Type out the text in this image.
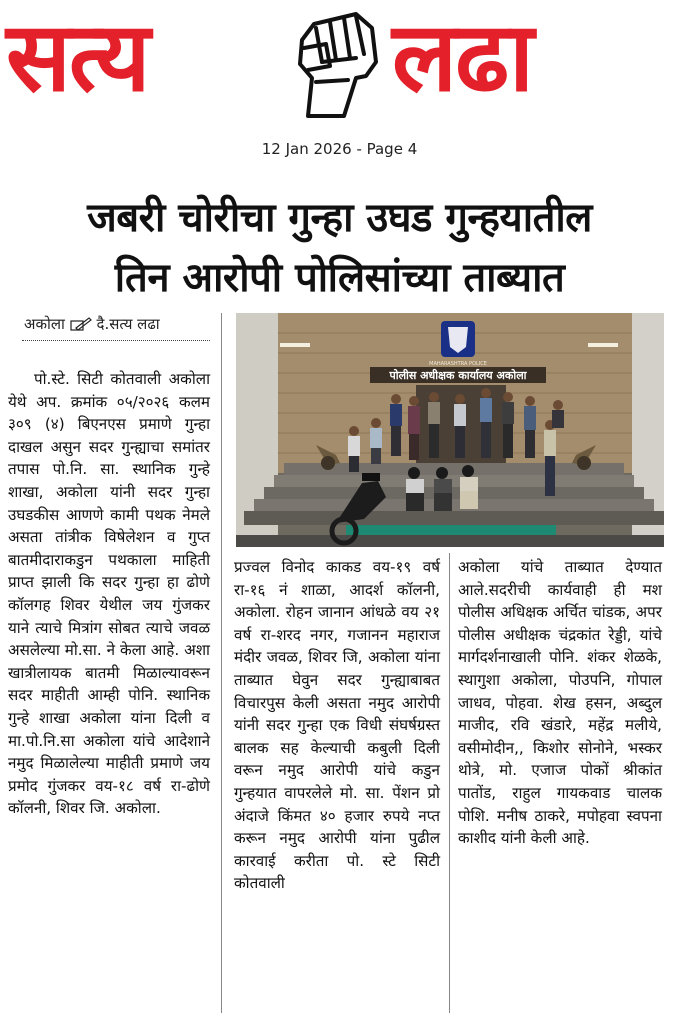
सत्य	लढा
12 Jan 2026 - Page 4
जबरी चोरीचा गुन्हा उघड गुन्हयातील
तिन आरोपी पोलिसांच्या ताब्यात
अकोला दै.सत्य लढा
MAHARASHTRA POLICE
पोलीस अधीक्षक कार्यालय अकोला

पो.स्टे. सिटी कोतवाली अकोला येथे अप. क्रमांक ०५/२०२६ कलम ३०९ (४) बिएनएस प्रमाणे गुन्हा दाखल असुन सदर गुन्ह्याचा समांतर तपास पो.नि. सा. स्थानिक गुन्हे शाखा, अकोला यांनी सदर गुन्हा उघडकीस आणणे कामी पथक नेमले असता तांत्रीक विषेलेशन व गुप्त बातमीदाराकडुन पथकाला माहिती प्राप्त झाली कि सदर गुन्हा हा ढोणे कॉलगह शिवर येथील जय गुंजकर याने त्याचे मित्रांग सोबत त्याचे जवळ असलेल्या मो.सा. ने केला आहे. अशा खात्रीलायक बातमी मिळाल्यावरून सदर माहीती आम्ही पोनि. स्थानिक गुन्हे शाखा अकोला यांना दिली व मा.पो.नि.सा अकोला यांचे आदेशाने नमुद मिळालेल्या माहीती प्रमाणे जय प्रमोद गुंजकर वय-१८ वर्ष रा-ढोणे कॉलनी, शिवर जि. अकोला.

प्रज्वल विनोद काकड वय-१९ वर्ष रा-१६ नं शाळा, आदर्श कॉलनी, अकोला. रोहन जानान आंधळे वय २१ वर्ष रा-शरद नगर, गजानन महाराज मंदीर जवळ, शिवर जि, अकोला यांना ताब्यात घेवुन सदर गुन्ह्याबाबत विचारपुस केली असता नमुद आरोपी यांनी सदर गुन्हा एक विधी संघर्षग्रस्त बालक सह केल्याची कबुली दिली वरून नमुद आरोपी यांचे कडुन गुन्हयात वापरलेले मो. सा. पेंशन प्रो अंदाजे किंमत ४० हजार रुपये नप्त करून नमुद आरोपी यांना पुढील कारवाई करीता पो. स्टे सिटी कोतवाली

अकोला यांचे ताब्यात देण्यात आले.सदरीची कार्यवाही ही मश पोलीस अधिक्षक अर्चित चांडक, अपर पोलीस अधीक्षक चंद्रकांत रेड्डी, यांचे मार्गदर्शनाखाली पोनि. शंकर शेळके, स्थागुशा अकोला, पोउपनि, गोपाल जाधव, पोहवा. शेख हसन, अब्दुल माजीद, रवि खंडारे, महेंद्र मलीये, वसीमोदीन,, किशोर सोनोने, भस्कर थोत्रे, मो. एजाज पोकों श्रीकांत पातोंड, राहुल गायकवाड चालक पोशि. मनीष ठाकरे, मपोहवा स्वपना काशीद यांनी केली आहे.
